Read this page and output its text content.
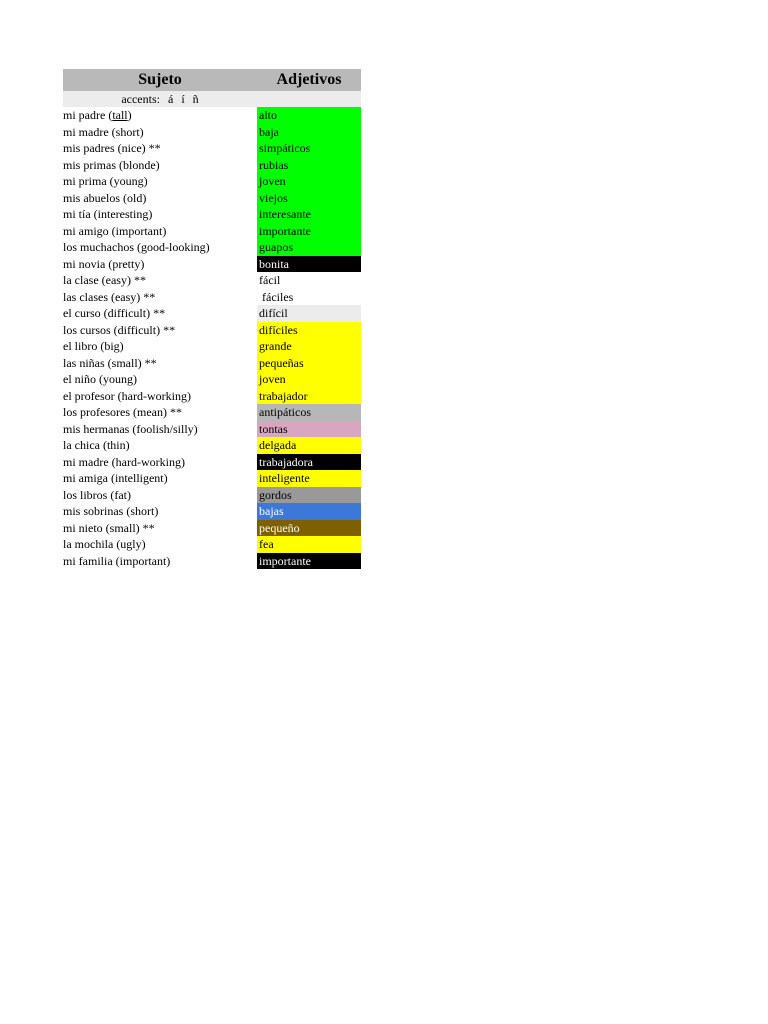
Sujeto	Adjetivos
accents: á í ñ
mi padre (tall)	alto
mi madre (short)	baja
mis padres (nice) **	simpáticos
mis primas (blonde)	rubias
mi prima (young)	joven
mis abuelos (old)	viejos
mi tía (interesting)	interesante
mi amigo (important)	importante
los muchachos (good-looking)	guapos
mi novia (pretty)	bonita
la clase (easy) **	fácil
las clases (easy) **	fáciles
el curso (difficult) **	difícil
los cursos (difficult) **	difíciles
el libro (big)	grande
las niñas (small) **	pequeñas
el niño (young)	joven
el profesor (hard-working)	trabajador
los profesores (mean) **	antipáticos
mis hermanas (foolish/silly)	tontas
la chica (thin)	delgada
mi madre (hard-working)	trabajadora
mi amiga (intelligent)	inteligente
los libros (fat)	gordos
mis sobrinas (short)	bajas
mi nieto (small) **	pequeño
la mochila (ugly)	fea
mi familia (important)	importante
